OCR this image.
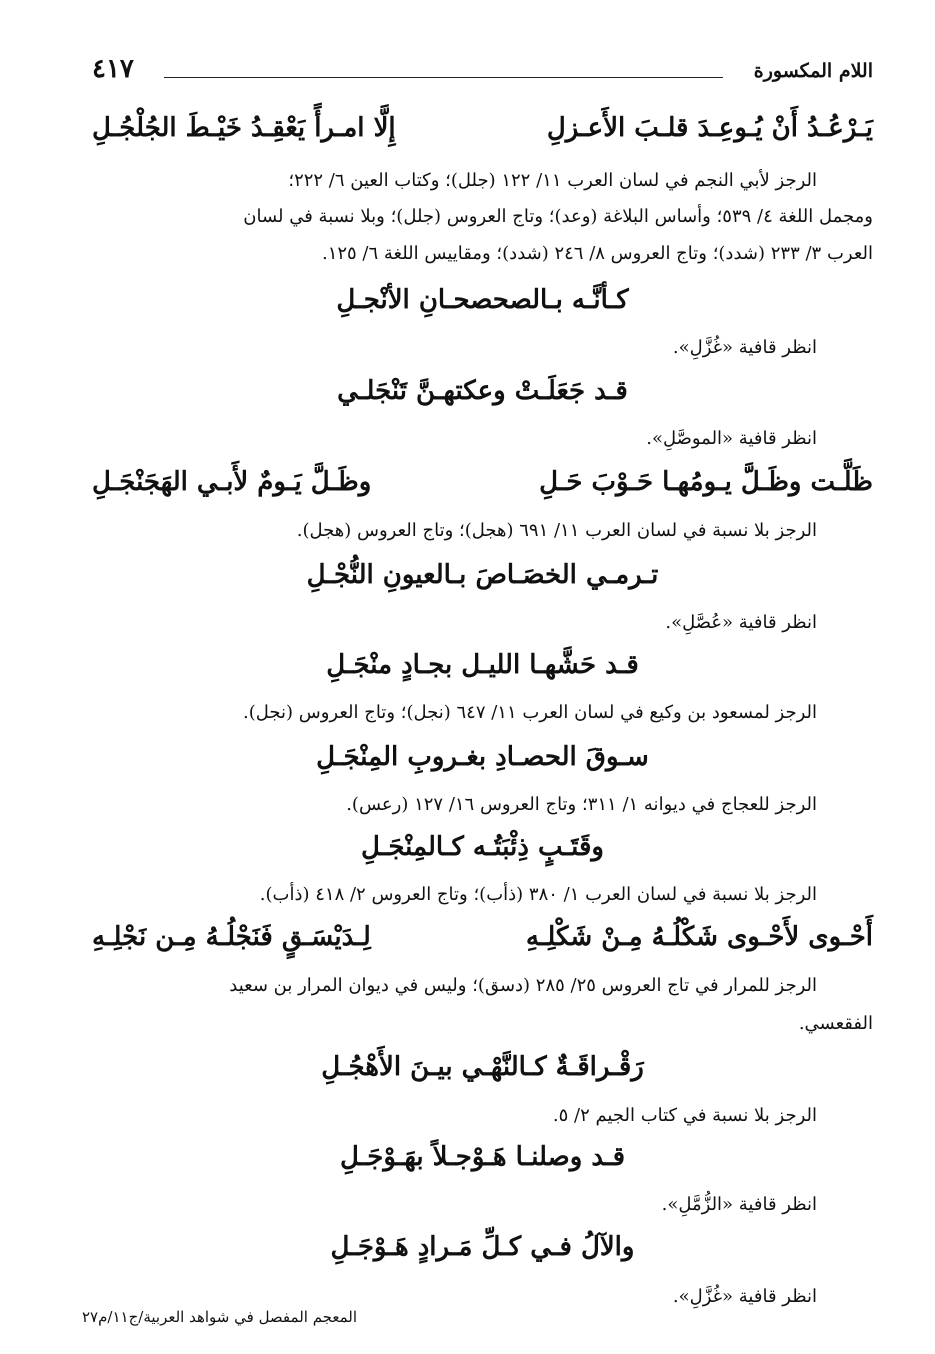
اللام المكسورة
٤١٧
يَـرْعُـدُ أَنْ يُـوعِـدَ قلـبَ الأَعـزلِ
إِلَّا امـرأً يَعْقِـدُ خَيْـطَ الجُلْجُـلِ
الرجز لأبي النجم في لسان العرب ١١/ ١٢٢ (جلل)؛ وكتاب العين ٦/ ٢٢٢؛
ومجمل اللغة ٤/ ٥٣٩؛ وأساس البلاغة (وعد)؛ وتاج العروس (جلل)؛ وبلا نسبة في لسان
العرب ٣/ ٢٣٣ (شدد)؛ وتاج العروس ٨/ ٢٤٦ (شدد)؛ ومقاييس اللغة ٦/ ١٢٥.
كـأنَّـه بـالصحصحـانِ الأنْجـلِ
انظر قافية «غُزَّلِ».
قـد جَعَلَـتْ وعكتهـنَّ تَنْجَلـي
انظر قافية «الموصَّلِ».
ظَلَّـت وظَـلَّ يـومُهـا حَـوْبَ حَـلِ
وظَـلَّ يَـومٌ لأَبـي الهَجَنْجَـلِ
الرجز بلا نسبة في لسان العرب ١١/ ٦٩١ (هجل)؛ وتاج العروس (هجل).
تـرمـي الخصَـاصَ بـالعيونِ النُّجْـلِ
انظر قافية «عُصَّلِ».
قـد حَشَّهـا الليـل بجـادٍ منْجَـلِ
الرجز لمسعود بن وكيع في لسان العرب ١١/ ٦٤٧ (نجل)؛ وتاج العروس (نجل).
سـوقَ الحصـادِ بغـروبِ المِنْجَـلِ
الرجز للعجاج في ديوانه ١/ ٣١١؛ وتاج العروس ١٦/ ١٢٧ (رعس).
وقَتَـبٍ ذِئْبَتُـه كـالمِنْجَـلِ
الرجز بلا نسبة في لسان العرب ١/ ٣٨٠ (ذأب)؛ وتاج العروس ٢/ ٤١٨ (ذأب).
أَحْـوى لأَحْـوى شَكْلُـهُ مِـنْ شَكْلِـهِ
لِـدَيْسَـقٍ فَنَجْلُـهُ مِـن نَجْلِـهِ
الرجز للمرار في تاج العروس ٢٥/ ٢٨٥ (دسق)؛ وليس في ديوان المرار بن سعيد
الفقعسي.
رَقْـراقَـةٌ كـالنَّهْـي بيـنَ الأَهْجُـلِ
الرجز بلا نسبة في كتاب الجيم ٢/ ٥.
قـد وصلنـا هَـوْجـلاً بهَـوْجَـلِ
انظر قافية «الزُّمَّلِ».
والآلُ فـي كـلِّ مَـرادٍ هَـوْجَـلِ
انظر قافية «غُزَّلِ».
المعجم المفصل في شواهد العربية/ج١١/م٢٧
